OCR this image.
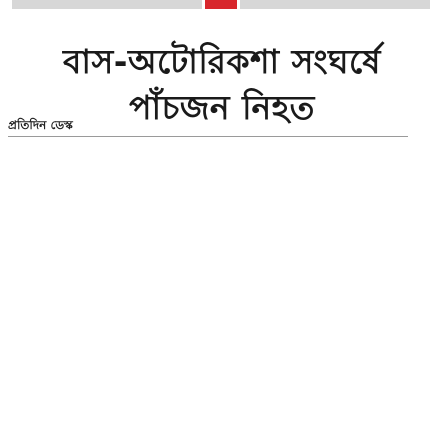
বাস-অটোরিকশা সংঘর্ষে
পাঁচজন নিহত
প্রতিদিন ডেস্ক
